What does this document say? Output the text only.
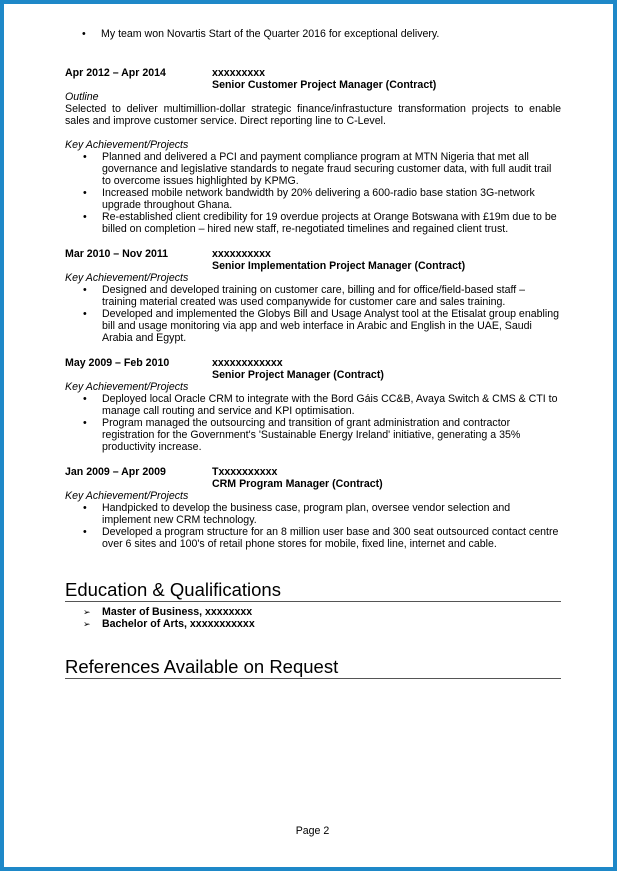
• My team won Novartis Start of the Quarter 2016 for exceptional delivery.
Apr 2012 – Apr 2014	xxxxxxxxx
Senior Customer Project Manager (Contract)
Outline
Selected to deliver multimillion-dollar strategic finance/infrastucture transformation projects to enable sales and improve customer service. Direct reporting line to C-Level.
Key Achievement/Projects
• Planned and delivered a PCI and payment compliance program at MTN Nigeria that met all governance and legislative standards to negate fraud securing customer data, with full audit trail to overcome issues highlighted by KPMG.
• Increased mobile network bandwidth by 20% delivering a 600-radio base station 3G-network upgrade throughout Ghana.
• Re-established client credibility for 19 overdue projects at Orange Botswana with £19m due to be billed on completion – hired new staff, re-negotiated timelines and regained client trust.
Mar 2010 – Nov 2011	xxxxxxxxxx
Senior Implementation Project Manager (Contract)
Key Achievement/Projects
• Designed and developed training on customer care, billing and for office/field-based staff – training material created was used companywide for customer care and sales training.
• Developed and implemented the Globys Bill and Usage Analyst tool at the Etisalat group enabling bill and usage monitoring via app and web interface in Arabic and English in the UAE, Saudi Arabia and Egypt.
May 2009 – Feb 2010	xxxxxxxxxxxx
Senior Project Manager (Contract)
Key Achievement/Projects
• Deployed local Oracle CRM to integrate with the Bord Gáis CC&B, Avaya Switch & CMS & CTI to manage call routing and service and KPI optimisation.
• Program managed the outsourcing and transition of grant administration and contractor registration for the Government's 'Sustainable Energy Ireland' initiative, generating a 35% productivity increase.
Jan 2009 – Apr 2009	Txxxxxxxxxx
CRM Program Manager (Contract)
Key Achievement/Projects
• Handpicked to develop the business case, program plan, oversee vendor selection and implement new CRM technology.
• Developed a program structure for an 8 million user base and 300 seat outsourced contact centre over 6 sites and 100's of retail phone stores for mobile, fixed line, internet and cable.
Education & Qualifications
➢ Master of Business, xxxxxxxx
➢ Bachelor of Arts, xxxxxxxxxxx
References Available on Request
Page 2
